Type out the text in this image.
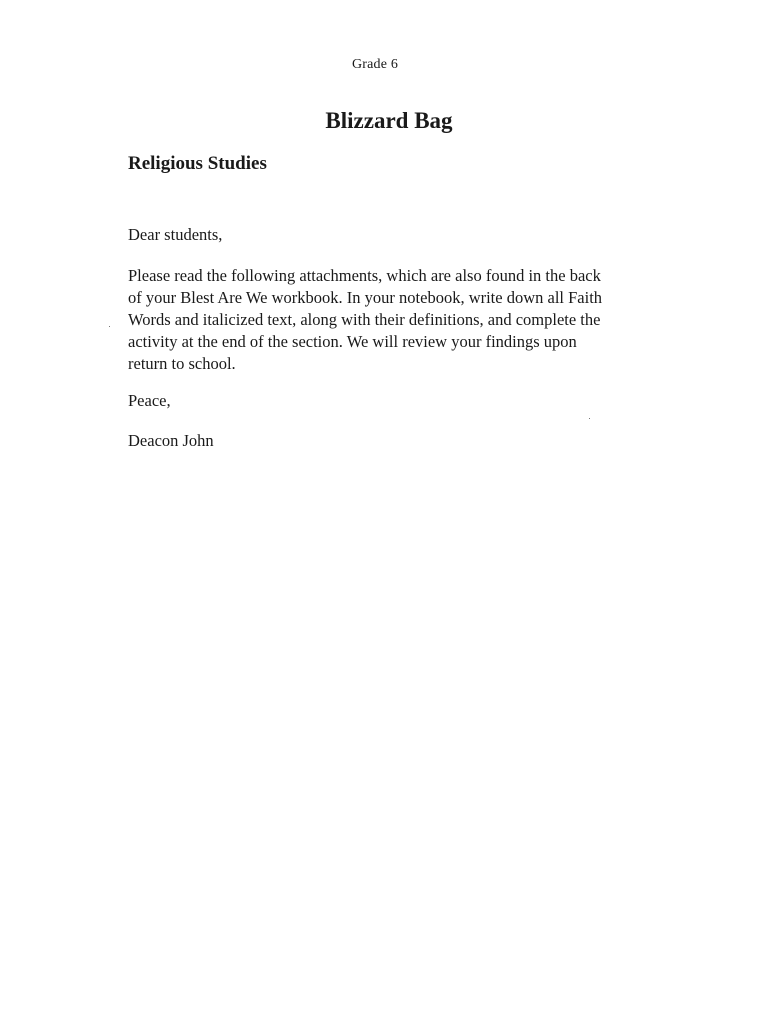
Grade 6
Blizzard Bag
Religious Studies
Dear students,
Please read the following attachments, which are also found in the back
of your Blest Are We workbook. In your notebook, write down all Faith
Words and italicized text, along with their definitions, and complete the
activity at the end of the section. We will review your findings upon
return to school.
Peace,
Deacon John
